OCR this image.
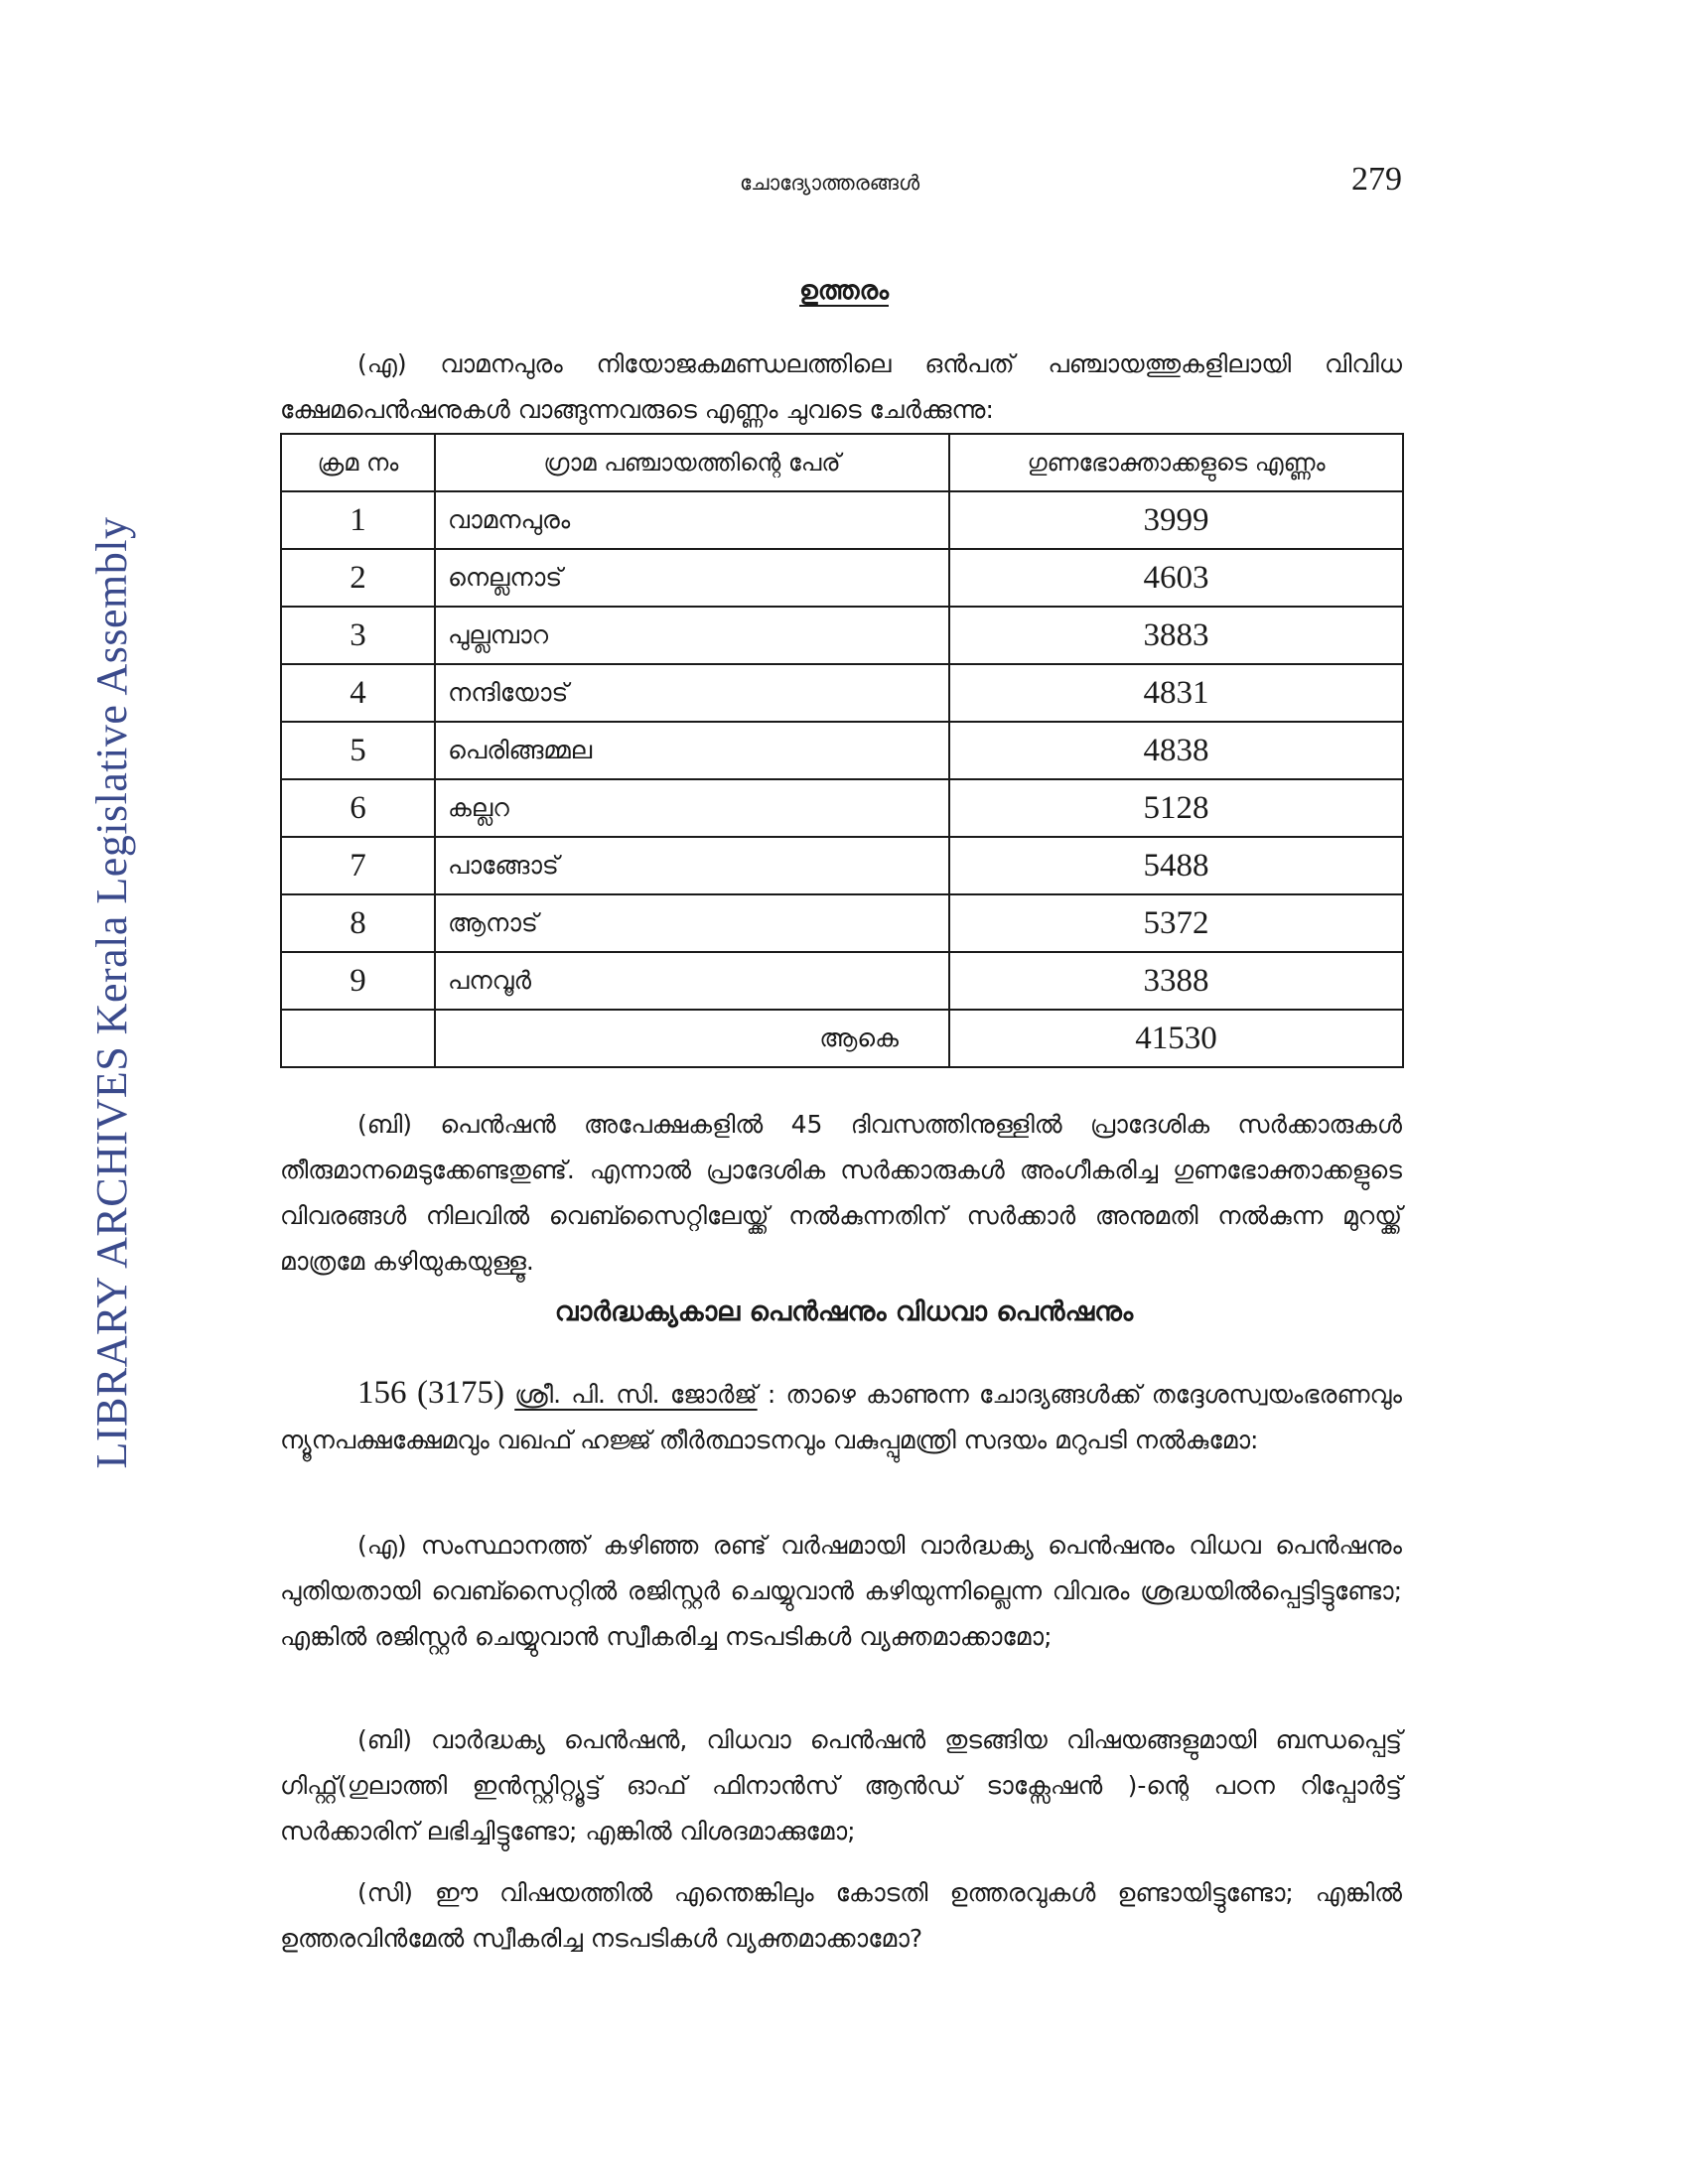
LIBRARY ARCHIVES Kerala Legislative Assembly
ചോദ്യോത്തരങ്ങൾ	279
ഉത്തരം
(എ) വാമനപുരം നിയോജകമണ്ഡലത്തിലെ ഒൻപത് പഞ്ചായത്തുകളിലായി വിവിധ ക്ഷേമപെൻഷനുകൾ വാങ്ങുന്നവരുടെ എണ്ണം ചുവടെ ചേർക്കുന്നു:
ക്രമ നം	ഗ്രാമ പഞ്ചായത്തിന്റെ പേര്	ഗുണഭോക്താക്കളുടെ എണ്ണം
1	വാമനപുരം	3999
2	നെല്ലനാട്	4603
3	പുല്ലമ്പാറ	3883
4	നന്ദിയോട്	4831
5	പെരിങ്ങമ്മല	4838
6	കല്ലറ	5128
7	പാങ്ങോട്	5488
8	ആനാട്	5372
9	പനവൂർ	3388
	ആകെ	41530
(ബി) പെൻഷൻ അപേക്ഷകളിൽ 45 ദിവസത്തിനുള്ളിൽ പ്രാദേശിക സർക്കാരുകൾ തീരുമാനമെടുക്കേണ്ടതുണ്ട്. എന്നാൽ പ്രാദേശിക സർക്കാരുകൾ അംഗീകരിച്ച ഗുണഭോക്താക്കളുടെ വിവരങ്ങൾ നിലവിൽ വെബ്സൈറ്റിലേയ്ക്ക് നൽകുന്നതിന് സർക്കാർ അനുമതി നൽകുന്ന മുറയ്ക്ക് മാത്രമേ കഴിയുകയുള്ളൂ.
വാർദ്ധക്യകാല പെൻഷനും വിധവാ പെൻഷനും
156 (3175) ശ്രീ. പി. സി. ജോർജ് : താഴെ കാണുന്ന ചോദ്യങ്ങൾക്ക് തദ്ദേശസ്വയംഭരണവും ന്യൂനപക്ഷക്ഷേമവും വഖഫ് ഹജ്ജ് തീർത്ഥാടനവും വകുപ്പുമന്ത്രി സദയം മറുപടി നൽകുമോ:
(എ) സംസ്ഥാനത്ത് കഴിഞ്ഞ രണ്ട് വർഷമായി വാർദ്ധക്യ പെൻഷനും വിധവ പെൻഷനും പുതിയതായി വെബ്സൈറ്റിൽ രജിസ്റ്റർ ചെയ്യുവാൻ കഴിയുന്നില്ലെന്ന വിവരം ശ്രദ്ധയിൽപ്പെട്ടിട്ടുണ്ടോ; എങ്കിൽ രജിസ്റ്റർ ചെയ്യുവാൻ സ്വീകരിച്ച നടപടികൾ വ്യക്തമാക്കാമോ;
(ബി) വാർദ്ധക്യ പെൻഷൻ, വിധവാ പെൻഷൻ തുടങ്ങിയ വിഷയങ്ങളുമായി ബന്ധപ്പെട്ട് ഗിഫ്റ്റ്(ഗുലാത്തി ഇൻസ്റ്റിറ്റ്യൂട്ട് ഓഫ് ഫിനാൻസ് ആൻഡ് ടാക്സേഷൻ )-ന്റെ പഠന റിപ്പോർട്ട് സർക്കാരിന് ലഭിച്ചിട്ടുണ്ടോ; എങ്കിൽ വിശദമാക്കുമോ;
(സി) ഈ വിഷയത്തിൽ എന്തെങ്കിലും കോടതി ഉത്തരവുകൾ ഉണ്ടായിട്ടുണ്ടോ; എങ്കിൽ ഉത്തരവിൻമേൽ സ്വീകരിച്ച നടപടികൾ വ്യക്തമാക്കാമോ?
